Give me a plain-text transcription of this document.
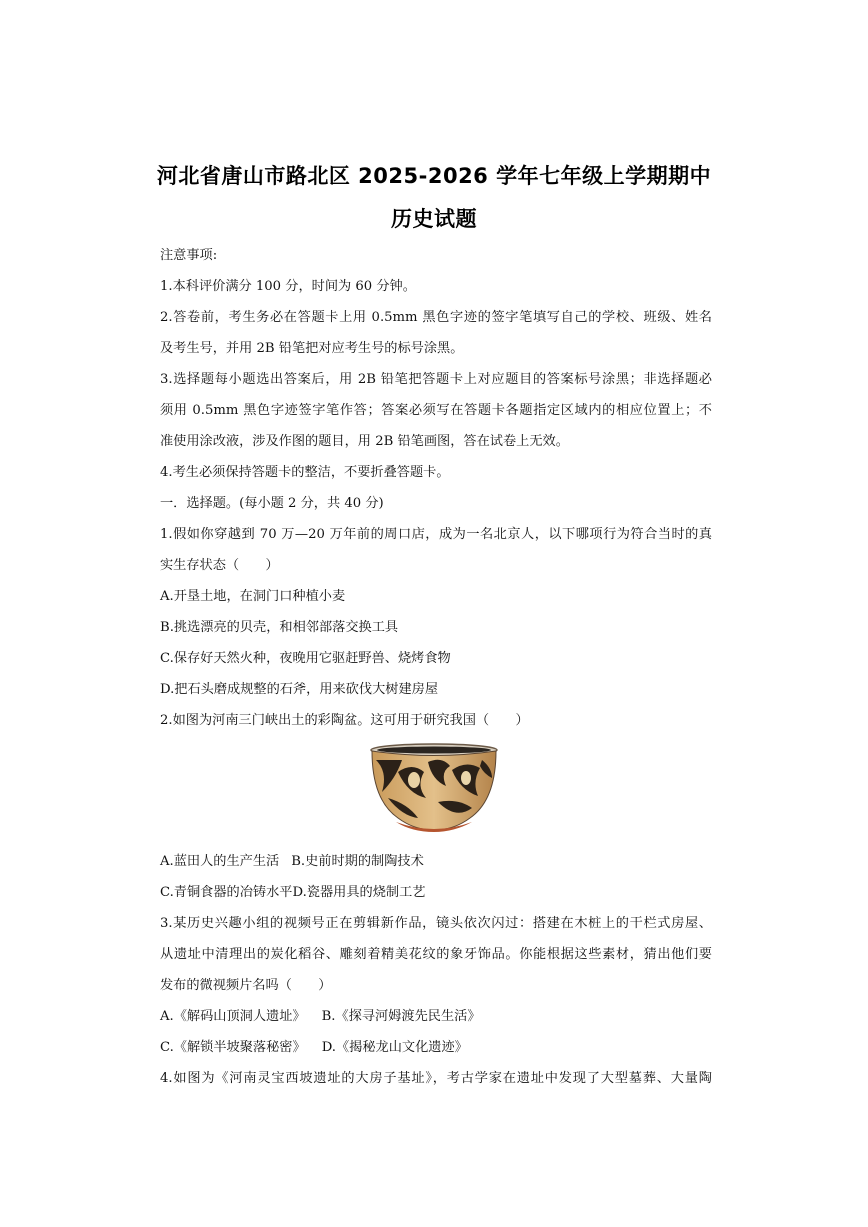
河北省唐山市路北区 2025-2026 学年七年级上学期期中
历史试题

注意事项:

1.本科评价满分 100 分，时间为 60 分钟。

2.答卷前，考生务必在答题卡上用 0.5mm 黑色字迹的签字笔填写自己的学校、班级、姓名

及考生号，并用 2B 铅笔把对应考生号的标号涂黑。

3.选择题每小题选出答案后，用 2B 铅笔把答题卡上对应题目的答案标号涂黑；非选择题必

须用 0.5mm 黑色字迹签字笔作答；答案必须写在答题卡各题指定区域内的相应位置上；不

准使用涂改液，涉及作图的题目，用 2B 铅笔画图，答在试卷上无效。

4.考生必须保持答题卡的整洁，不要折叠答题卡。

一．选择题。(每小题 2 分，共 40 分)

1.假如你穿越到 70 万—20 万年前的周口店，成为一名北京人，以下哪项行为符合当时的真

实生存状态（　　）

A.开垦土地，在洞门口种植小麦

B.挑选漂亮的贝壳，和相邻部落交换工具

C.保存好天然火种，夜晚用它驱赶野兽、烧烤食物

D.把石头磨成规整的石斧，用来砍伐大树建房屋

2.如图为河南三门峡出土的彩陶盆。这可用于研究我国（　　）

A.蓝田人的生产生活 B.史前时期的制陶技术

C.青铜食器的冶铸水平D.瓷器用具的烧制工艺

3.某历史兴趣小组的视频号正在剪辑新作品，镜头依次闪过：搭建在木桩上的干栏式房屋、

从遗址中清理出的炭化稻谷、雕刻着精美花纹的象牙饰品。你能根据这些素材，猜出他们要

发布的微视频片名吗（　　）

A.《解码山顶洞人遗址》 B.《探寻河姆渡先民生活》

C.《解锁半坡聚落秘密》 D.《揭秘龙山文化遗迹》

4.如图为《河南灵宝西坡遗址的大房子基址》，考古学家在遗址中发现了大型墓葬、大量陶
